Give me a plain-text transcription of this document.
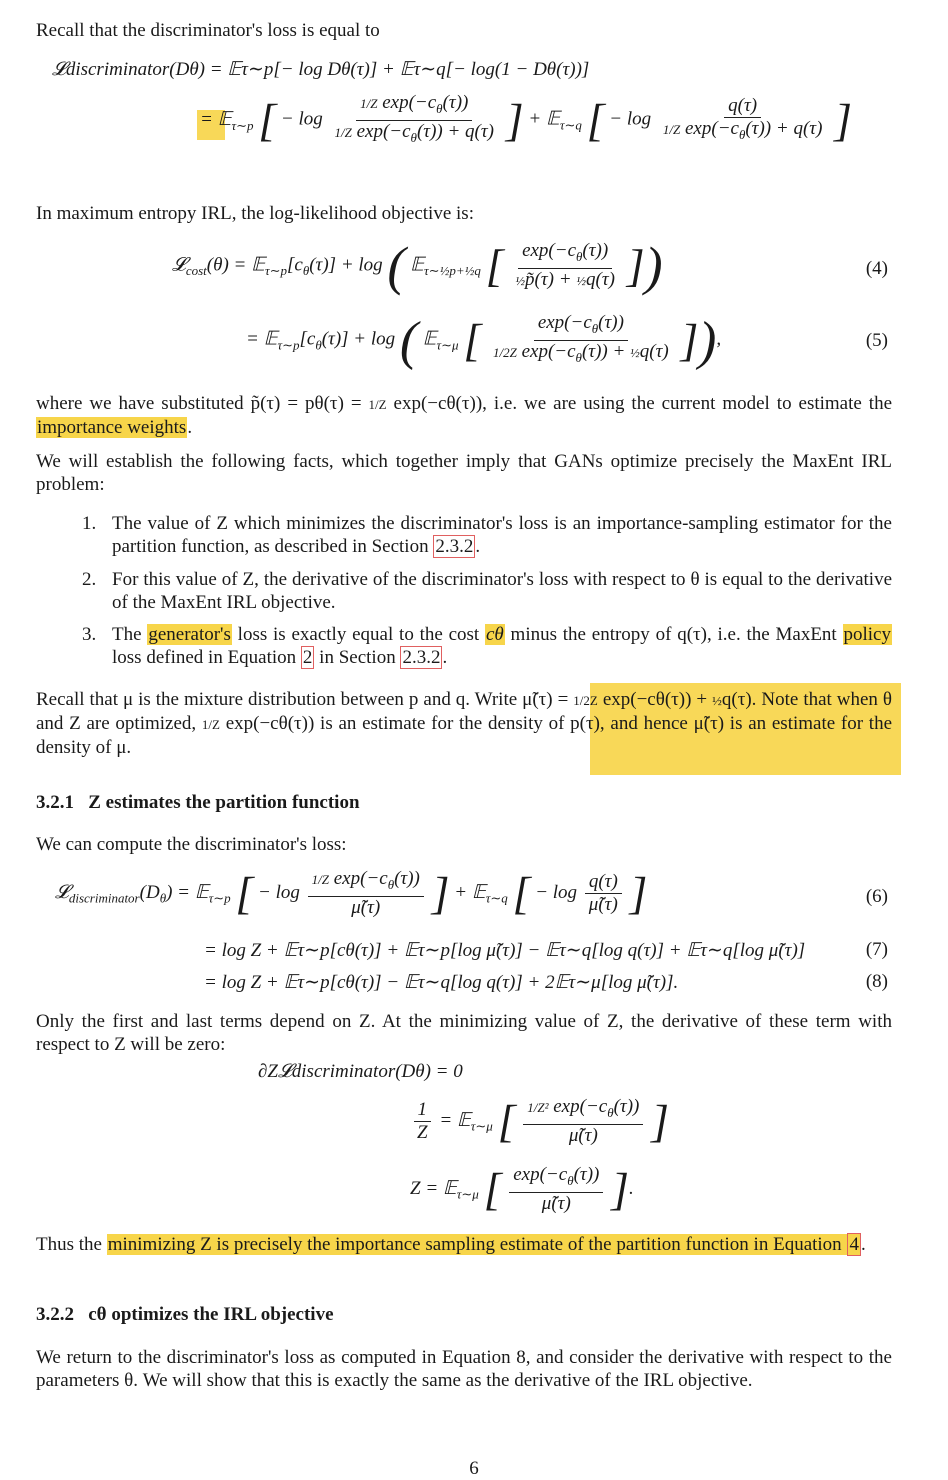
Recall that the discriminator's loss is equal to

𝓛discriminator(Dθ) = 𝔼τ∼p[− log Dθ(τ)] + 𝔼τ∼q[− log(1 − Dθ(τ))]
= 𝔼$_{\tau\sim p}$ [ − $\log \frac{1/Z \exp(-c_\theta(\tau))}{1/Z \exp(-c_\theta(\tau)) + q(\tau)}$ ] + 𝔼$_{\tau\sim q}$ [ − $\log \frac{q(\tau)}{1/Z \exp(-c_\theta(\tau)) + q(\tau)}$ ]

In maximum entropy IRL, the log-likelihood objective is:

𝓛$_{cost}$(θ) = $𝔼_{\tau\sim p}[c_\theta(\tau)] + \log$ ( 𝔼$_{\tau\sim\frac{1}{2}p+\frac{1}{2}q}$ [ $\frac{\exp(-c_\theta(\tau))}{\text{½p̃(τ) + ½q(τ)}}$ ])	(4)
= $𝔼_{\tau\sim p}[c_\theta(\tau)] + \log$ ( 𝔼$_{\tau\sim\mu}$ [ $\frac{\exp(-c_\theta(\tau))}{1/2Z \exp(-c_\theta(\tau)) + \frac{1}{2}q(\tau)}$ ]),	(5)

where we have substituted p̃(τ) = pθ(τ) = 1/Z exp(−cθ(τ)), i.e. we are using the current model to estimate the importance weights.

We will establish the following facts, which together imply that GANs optimize precisely the MaxEnt IRL problem:

1. The value of Z which minimizes the discriminator's loss is an importance-sampling estimator for the partition function, as described in Section 2.3.2 .
2. For this value of Z, the derivative of the discriminator's loss with respect to θ is equal to the derivative of the MaxEnt IRL objective.
3. The generator's loss is exactly equal to the cost cθ minus the entropy of q(τ), i.e. the MaxEnt policy loss defined in Equation 2 in Section 2.3.2 .

Recall that μ is the mixture distribution between p and q. Write μ̃(τ) = 1/2Z exp(−cθ(τ)) + ½q(τ). Note that when θ and Z are optimized, 1/Z exp(−cθ(τ)) is an estimate for the density of p(τ), and hence μ̃(τ) is an estimate for the density of μ.

3.2.1 Z estimates the partition function

We can compute the discriminator's loss:

$𝓛_{discriminator}(D_\theta)$ = 𝔼$_{\tau\sim p}$ [ − $\log \frac{1/Z \exp(-c_\theta(\tau))}{\mũ(\tau)}$ ] + 𝔼$_{\tau\sim q}$ [ − $\log \frac{q(\tau)}{\mũ(\tau)}$ ]	(6)
= log Z + 𝔼τ∼p[cθ(τ)] + 𝔼τ∼p[log μ̃(τ)] − 𝔼τ∼q[log q(τ)] + 𝔼τ∼q[log μ̃(τ)]	(7)
= log Z + 𝔼τ∼p[cθ(τ)] − 𝔼τ∼q[log q(τ)] + 2𝔼τ∼μ[log μ̃(τ)].	(8)

Only the first and last terms depend on Z. At the minimizing value of Z, the derivative of these term with respect to Z will be zero:

∂Z𝓛discriminator(Dθ) = 0
$\frac{1}{Z}$ = 𝔼$_{\tau\sim\mu}$ [ $\frac{1/Z^2 \exp(-c_\theta(\tau))}{\mũ(\tau)}$ ]
Z = 𝔼$_{\tau\sim\mu}$ [ $\frac{\exp(-c_\theta(\tau))}{\mũ(\tau)}$ ].

Thus the minimizing Z is precisely the importance sampling estimate of the partition function in Equation 4 .

3.2.2 cθ optimizes the IRL objective

We return to the discriminator's loss as computed in Equation 8, and consider the derivative with respect to the parameters θ. We will show that this is exactly the same as the derivative of the IRL objective.

6
